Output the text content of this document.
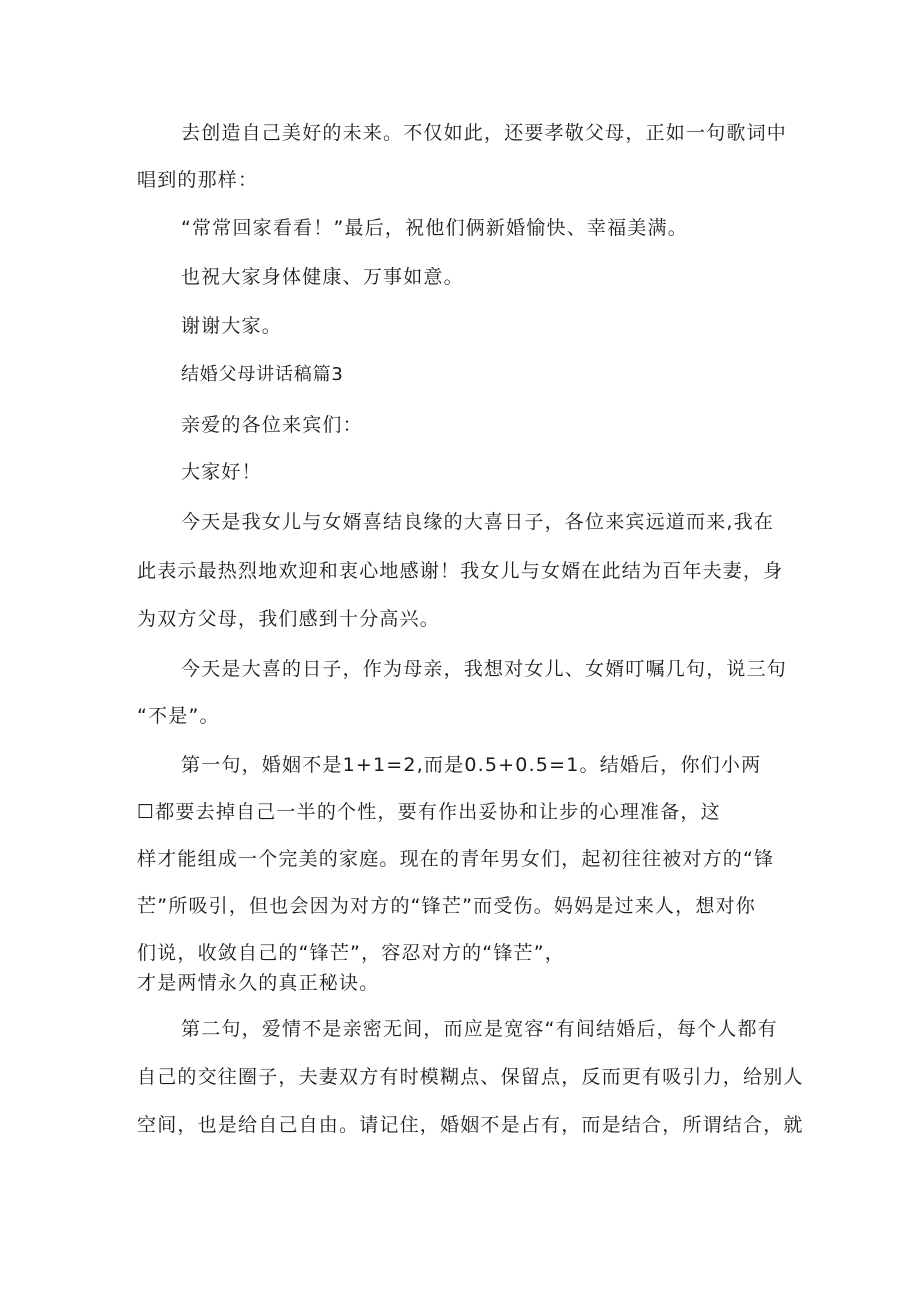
去创造自己美好的未来。不仅如此，还要孝敬父母，正如一句歌词中

唱到的那样：

“常常回家看看！”最后，祝他们俩新婚愉快、幸福美满。

也祝大家身体健康、万事如意。

谢谢大家。

结婚父母讲话稿篇3

亲爱的各位来宾们：

大家好！

今天是我女儿与女婿喜结良缘的大喜日子，各位来宾远道而来,我在

此表示最热烈地欢迎和衷心地感谢！我女儿与女婿在此结为百年夫妻，身

为双方父母，我们感到十分高兴。

今天是大喜的日子，作为母亲，我想对女儿、女婿叮嘱几句，说三句

“不是”。

第一句，婚姻不是1+1=2,而是0.5+0.5=1。结婚后，你们小两

☐都要去掉自己一半的个性，要有作出妥协和让步的心理准备，这

样才能组成一个完美的家庭。现在的青年男女们，起初往往被对方的“锋

芒”所吸引，但也会因为对方的“锋芒”而受伤。妈妈是过来人，想对你

们说，收敛自己的“锋芒”，容忍对方的“锋芒”，

才是两情永久的真正秘诀。

第二句，爱情不是亲密无间，而应是宽容“有间结婚后，每个人都有

自己的交往圈子，夫妻双方有时模糊点、保留点，反而更有吸引力，给别人

空间，也是给自己自由。请记住，婚姻不是占有，而是结合，所谓结合，就
